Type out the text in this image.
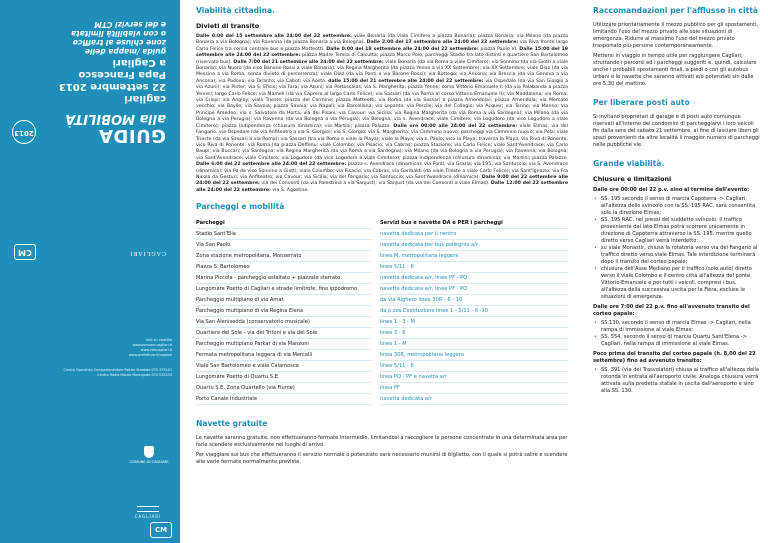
CAGLIARI
CM
GUIDA
alla MOBILITÀ
2013
cagliari
22 settembre 2013
Papa Francesco
a Cagliari
guida /mappa delle
zone chiuse al traffico
o con viabilità limitata
e dei servizi CTM
Info su viabilità
www.comune.cagliari.it
www.ctmcagliari.it
www.prefettura.it/cagliari
Centro Operativo Compartimentale Polizia Stradale 070 379141
Centro Radio Polizia Municipale 070 533533
COMUNE DI CAGLIARI
CAGLIARI
CM
Viabilità cittadina.
Divieti di transito

Dalle 0:00 del 15 settembre alle 24:00 del 22 settembre: viale Bonaria (da viale Cimitero a piazza Bonaria); piazza Bonaria; via Milano (da piazza Bonaria a via Bologna); via Ravenna (da piazza Bonaria a via Bologna). Dalle 2:00 del 17 settembre alle 24:00 del 22 settembre: via Riva fronte largo Carlo Felice tra corsia centrale bus e piazza Matteotti. Dalle 0:00 del 18 settembre alle 24:00 del 22 settembre: piazza Paolo VI. Dalle 15:00 del 19 settembre alle 24:00 del 22 settembre: piazza Madre Teresa di Calcutta; piazza Marco Polo; parcheggi Stadio tra lato distinti e quartiere San Bartolomeo (riservato bus). Dalle 7:00 del 21 settembre alle 24:00 del 22 settembre: viale Bonaria (da via Roma a viale Cimitero); via Sonnino (da via Giotti a viale Bonaria); via Nuoro (da vico Banone Rossi a viale Bonaria); via Regina Margherita (da piazza Yenne a via XX Settembre); via XX Settembre; viale Diaz (da via Messina a via Roma, senza divieto di percorrenza); viale Diaz (da via Ponti a via Barone Rossi); via Bottego; via Ancona; via Brescia (da via Genova a via Ancona); via Padova; via Taranto; via Cabot; via Aosta. dalle 15:00 del 21 settembre alle 24:00 del 22 settembre: via Ospedale (da via San Giorgio a via Azuni); via Pinter; via S. Efisio; via Fara; via Azuni; via Portoscalas; via S. Margherita; piazza Yenne; corso Vittorio Emanuele II (da via Palabanda a piazza Yenne); largo Carlo Felice; via Mameli (da via Caprera al largo Carlo Felice); via Sassari (da via Roma al corso Vittorio Emanuele II); via Maddalena; via Roma; via Crispi; via Angioy; viale Trieste; piazza del Carmine; piazza Matteotti; via Roma (da via Sassari a piazza Amendola); piazza Amendola; via Mercato vecchio; via Baylle; via Savoia; piazza Savoia; via Napoli; via Barcellona; via Lepanto; via Porcile; via del Collegio; via Acquer; via Torino; via Manno; via Principe Amedeo; via s. Salvatore da Horta; via dei Pisani; via Cavour; via Sicilia; via Regina Margherita (da via Roma a via Sardegna); via Milano (da via Bologna a via Perugia); via Ravenna (da via Bologna a via Perugia); via Bologna; via s. Avendrace; viale Cimitero; via Logudoro (da vico Logudoro a viale Cimitero); piazza Indipendenza (chiusura dinamica); via Martini; piazza Palazzo. Dalle ore 00:00 alle 24:00 del 22 settembre: viale Elmas, via del Fangario, via Ospedale (da via Anfiteatro a via S. Giorgio); via S. Giorgio; via S. Margherita; via Cammino nuovo; parcheggi via Cammino nuovo; via Pola; viale Trieste (da via Sassari a via Roma); via Sassari (tra via Roma e viale la Playa); viale la Playa; via s. Paolo; vico la Playa; traversa la Playa, via Riva di Ponente, vico Riva di Ponente, via Roma (da piazza Deffenu; viale Colombo; via Pisacio; via Cabras; piazza Stazione; via Carlo Felice; viale Sant'Avendrace; via Carlo Baupi; via Buccari; via Sardegna; via Regina Margherita (da via Roma a via Sardegna); via Milano (da via Bologna a via Perugia); via Ravenna; via Bologna; via Sant'Avendrace; viale Cimitero; via Logudoro (da vico Logudoro a viale Cimitero); piazza Indipendenza (chiusura dinamica); via Martini; piazza Palazzo. Dalle 6:00 del 22 settembre alle 24:00 del 22 settembre: piazza s. Avendrace (dinamica); via Ponti; via Grazia; via 195; via Santuccio; via S. Avendrace (dinamica); via Po da vico Sonnino a Giotti; viale Colombo; via Pisacio; via Cabras; via Garibaldi (da viale Trieste a viale Carlo Felice); via Sant'Ignazio; via Fra Nicola da Gesturi; via Anfiteatro; via Cavour; via Sicilia; via del Fangario; via Santuccio; via Sant'Avendrace (dinamica). Dalle 9:00 del 22 settembre alle 24:00 del 22 settembre: via dei Conventi (da via Palestrina a via Sanjust); via Sanjust (da via dei Conventi a viale Elmas). Dalle 12:00 del 22 settembre alle 24:00 del 22 settembre: via S. Agostino.

Parcheggi e mobilità
Parcheggi
Stadio Sant'Elia
Via San Paolo
Zona stazione metropolitana, Monserrato
Piazza S. Bartolomeo
Marina Piccola - parcheggio asfaltato + piazzale sterrato
Lungomare Poetto di Cagliari e strade limitrofe, fino ippodromo
Parcheggio multipiano di via Amat
Parcheggio multipiano di via Regina Elena
Via San Alenixedda (conservatorio musicale)
Quartiere del Sole - via dei Tritoni e via del Sole
Parcheggio multipiano Parkar di via Manzoni
Fermata metropolitana leggera di via Mercalli
Viale San Bartolomeo e viale Calamosca
Lungomare Poetto di Quartu S.E.
Quartu S.E. Zona Quartello (via Fiume)
Porto Canale industriale
Servizi bus e navette DA e PER i parcheggi
navetta dedicata per il rientro
navetta dedicata per bus pellegrini a/r
linee M, metropolitana leggera
linee 5/11 - 6
navetta dedicata a/r, linee PF - PQ
navetta dedicata a/r, linee PF - PQ
da via Alghero linee 30R - 6 - 10
da p.zza Costituzione linee 1 - 5/11 - 6 -10
linee 1 - 3 - M
linee 3 - 6
linee 1 - M
linea 30R, metropolitana leggera
linee 5/11 - 6
linea PQ - PF e navetta a/r
linea PF
navetta dedicata a/r
Navette gratuite

Le navette saranno gratuite, non effettueranno fermate intermedie, limitandosi a raccogliere le persone concentrate in una determinata area per farle scendere esclusivamente nei luoghi di arrivo.

Per viaggiare sui bus che effettueranno il servizio normale o potenziato sarà necessario munirsi di biglietto, con il quale si potrà salire e scendere alle varie fermate normalmente previste.

Raccomandazioni per l'afflusso in città

Utilizzare prioritariamente il mezzo pubblico per gli spostamenti, limitando l'uso del mezzo privato alle sole situazioni di emergenza. Ridurre al massimo l'uso del mezzo privato trasportato più persone contemporaneamente.

Mettersi in viaggio in tempo utile per raggiungere Cagliari, sfruttando i percorsi ed i parcheggi suggeriti e, quindi, calcolare anche i probabili spostamenti finali, a piedi o con gli autobus urbani e le navette che saranno attivati e/o potenziati sin dalle ore 5,30 del mattino.

Per liberare posti auto

Si invitano proprietari di garage e di posti auto comunque riservati all'interno dei condomini di parcheggiarvi i loro veicoli fin dalla sera del sabato 21 settembre, al fine di lasciare liberi gli spazi provenienti da altre località il maggior numero di parcheggi nelle pubbliche vie.

Grande viabilità.
Chiusure e limitazioni

Dalle ore 00:00 del 22 p.v. sino al termine dell'evento:

• SS. 195 secondo il senso di marcia Capoterra -> Cagliari, all'altezza dello svincolo con la SS. 195 RAC, sarà consentita solo la direzione Elmas;
• SS. 195 RAC, nei pressi del suddetto svincolo: il traffico proveniente dal lato Elmas potrà scorrere unicamente in direzione di Capoterra attraverso la SS. 195, mentre quello diretto verso Cagliari verrà interdetto;
• su viale Monastir, chiusa la rotatoria verso via del Fangario al traffico diretto verso viale Elmas. Tale interdizione terminerà dopo il transito del corteo papale;
• chiusura dell'Asse Mediano per il traffico (solo auto) diretto verso il viale Colombo e il centro città all'altezza del ponte Vittorio Emanuele e per tutti i veicoli, compresi i bus, all'altezza della successiva uscita per la Fiera, escluse le situazioni di emergenza.

Dalle ore 7:00 del 22 p.v. fino all'avvenuto transito del corteo papale:

• SS.130, secondo il senso di marcia Elmas -> Cagliari, nella rampa di immissione al viale Elmas;
• SS. 554, secondo il senso di marcia Quartu Sant'Elena -> Cagliari, nella rampa di immissione al viale Elmas.

Poco prima del transito del corteo papale (h. 8,00 del 22 settembre) fino ad avvenuto transito:

• SS. 391 (via dei Trasvolatori) chiusa al traffico all'altezza della rotonda in entrata all'aeroporto civile. Analoga chiusura verrà attivata sulla predetta statale in uscita dall'aeroporto e sino alla SS. 130.
